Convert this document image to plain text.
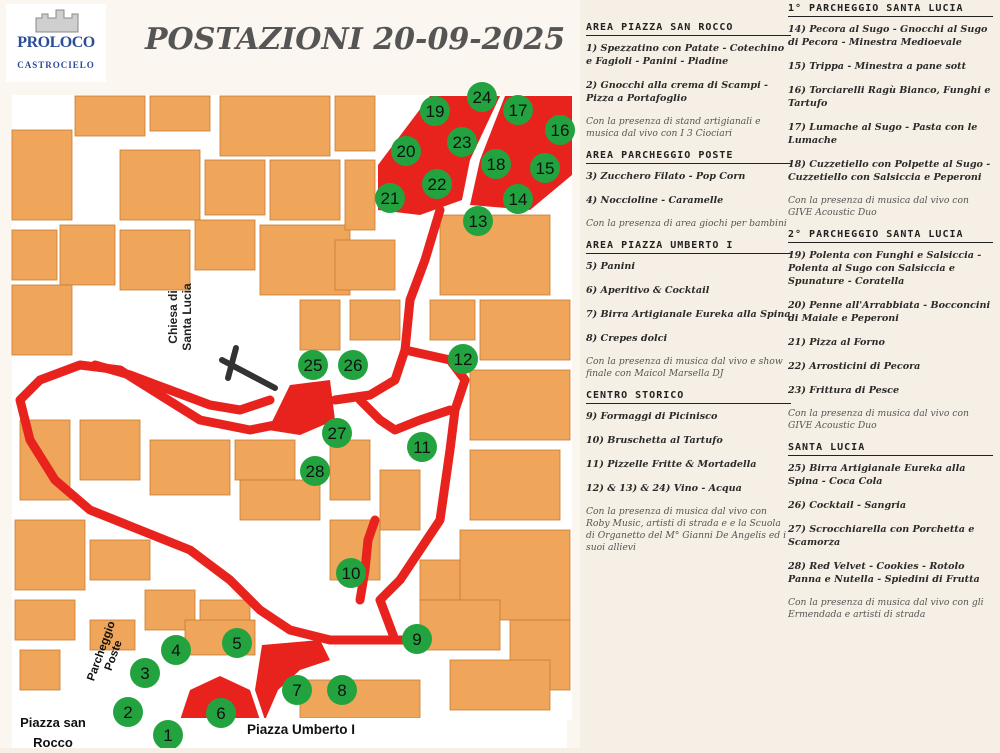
1
2
3
4	5
6
7 8
9
10
11
12
13
14
15
16
17
18
19
20
21
22
23
24
25 26
27
28
PROLOCO
CASTROCIELO
POSTAZIONI 20-09-2025
Chiesa di Santa Lucia
Parcheggio Poste
Piazza san Rocco
Piazza Umberto I
AREA PIAZZA SAN ROCCO
1) Spezzatino con Patate - Cotechino e Fagioli - Panini - Piadine
2) Gnocchi alla crema di Scampi - Pizza a Portafoglio
Con la presenza di stand artigianali e musica dal vivo con I 3 Ciociari
AREA PARCHEGGIO POSTE
3) Zucchero Filato - Pop Corn
4) Noccioline - Caramelle
Con la presenza di area giochi per bambini
AREA PIAZZA UMBERTO I
5) Panini
6) Aperitivo & Cocktail
7) Birra Artigianale Eureka alla Spina
8) Crepes dolci
Con la presenza di musica dal vivo e show finale con Maicol Marsella DJ
CENTRO STORICO
9) Formaggi di Picinisco
10) Bruschetta al Tartufo
11) Pizzelle Fritte & Mortadella
12) & 13) & 24) Vino - Acqua
Con la presenza di musica dal vivo con Roby Music, artisti di strada e e la Scuola di Organetto del M° Gianni De Angelis ed i suoi allievi
1° PARCHEGGIO SANTA LUCIA
14) Pecora al Sugo - Gnocchi al Sugo di Pecora - Minestra Medioevale
15) Trippa - Minestra a pane sott
16) Torciarelli Ragù Bianco, Funghi e Tartufo
17) Lumache al Sugo - Pasta con le Lumache
18) Cuzzetiello con Polpette al Sugo - Cuzzetiello con Salsiccia e Peperoni
Con la presenza di musica dal vivo con GIVE Acoustic Duo
2° PARCHEGGIO SANTA LUCIA
19) Polenta con Funghi e Salsiccia - Polenta al Sugo con Salsiccia e Spunature - Coratella
20) Penne all'Arrabbiata - Bocconcini di Maiale e Peperoni
21) Pizza al Forno
22) Arrosticini di Pecora
23) Frittura di Pesce
Con la presenza di musica dal vivo con GIVE Acoustic Duo
SANTA LUCIA
25) Birra Artigianale Eureka alla Spina - Coca Cola
26) Cocktail - Sangria
27) Scrocchiarella con Porchetta e Scamorza
28) Red Velvet - Cookies - Rotolo Panna e Nutella - Spiedini di Frutta
Con la presenza di musica dal vivo con gli Ermendada e artisti di strada
